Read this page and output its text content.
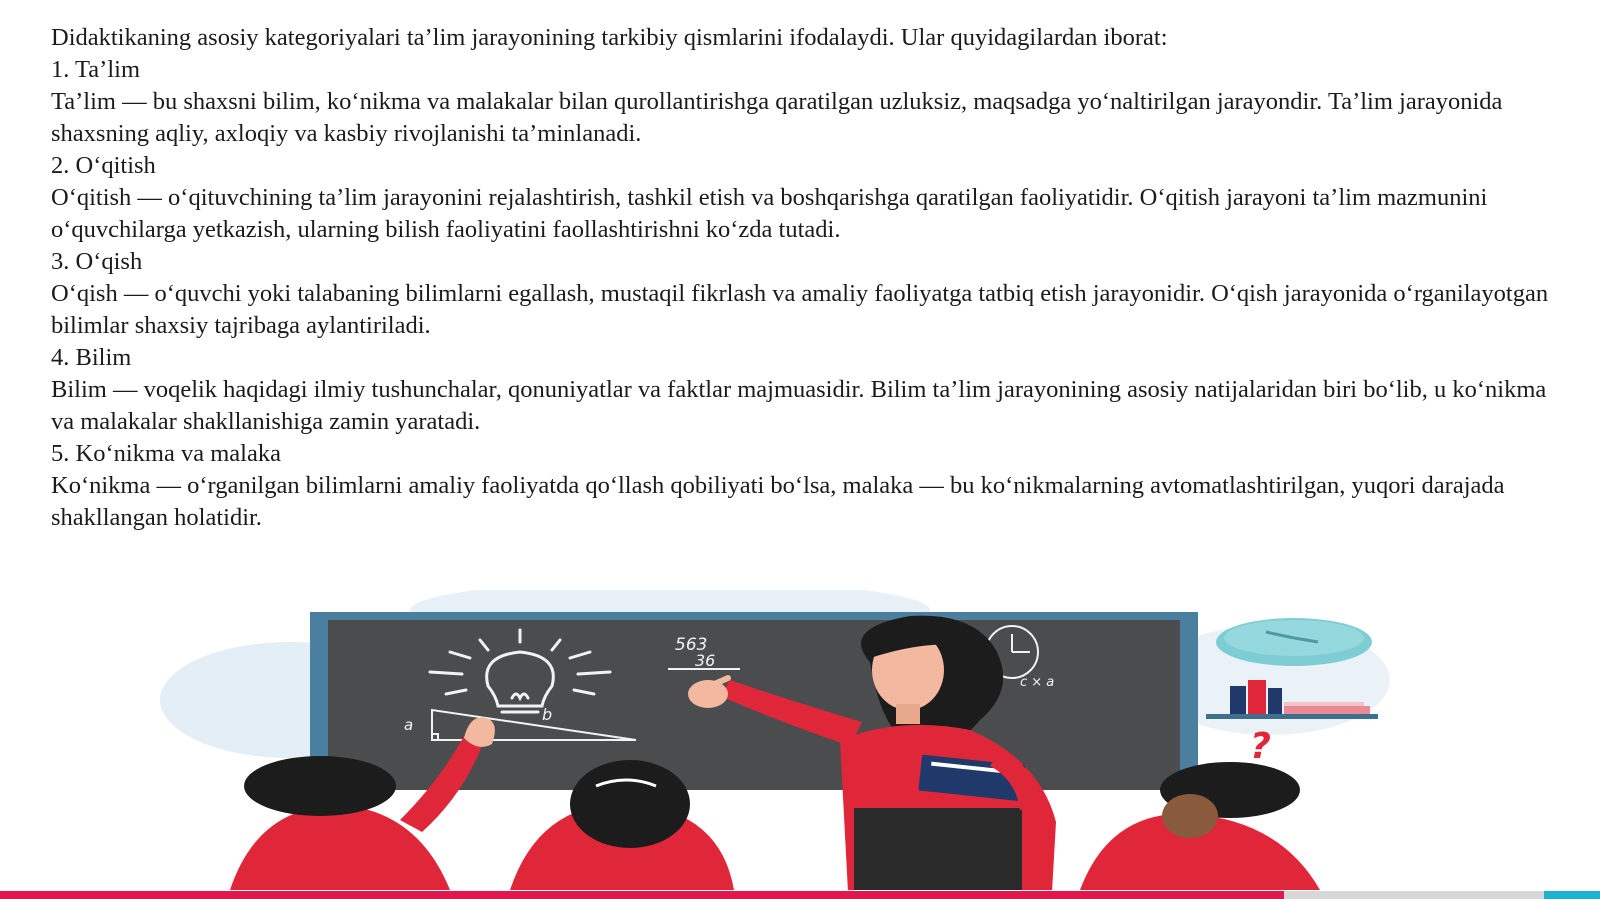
Didaktikaning asosiy kategoriyalari ta’lim jarayonining tarkibiy qismlarini ifodalaydi. Ular quyidagilardan iborat:

1. Ta’lim

Ta’lim — bu shaxsni bilim, koʻnikma va malakalar bilan qurollantirishga qaratilgan uzluksiz, maqsadga yoʻnaltirilgan jarayondir. Ta’lim jarayonida shaxsning aqliy, axloqiy va kasbiy rivojlanishi ta’minlanadi.

2. Oʻqitish

Oʻqitish — oʻqituvchining ta’lim jarayonini rejalashtirish, tashkil etish va boshqarishga qaratilgan faoliyatidir. Oʻqitish jarayoni ta’lim mazmunini oʻquvchilarga yetkazish, ularning bilish faoliyatini faollashtirishni koʻzda tutadi.

3. Oʻqish

Oʻqish — oʻquvchi yoki talabaning bilimlarni egallash, mustaqil fikrlash va amaliy faoliyatga tatbiq etish jarayonidir. Oʻqish jarayonida oʻrganilayotgan bilimlar shaxsiy tajribaga aylantiriladi.

4. Bilim

Bilim — voqelik haqidagi ilmiy tushunchalar, qonuniyatlar va faktlar majmuasidir. Bilim ta’lim jarayonining asosiy natijalaridan biri boʻlib, u koʻnikma va malakalar shakllanishiga zamin yaratadi.

5. Koʻnikma va malaka

Koʻnikma — oʻrganilgan bilimlarni amaliy faoliyatda qoʻllash qobiliyati boʻlsa, malaka — bu koʻnikmalarning avtomatlashtirilgan, yuqori darajada shakllangan holatidir.

563
36
a
b
c × a
?
